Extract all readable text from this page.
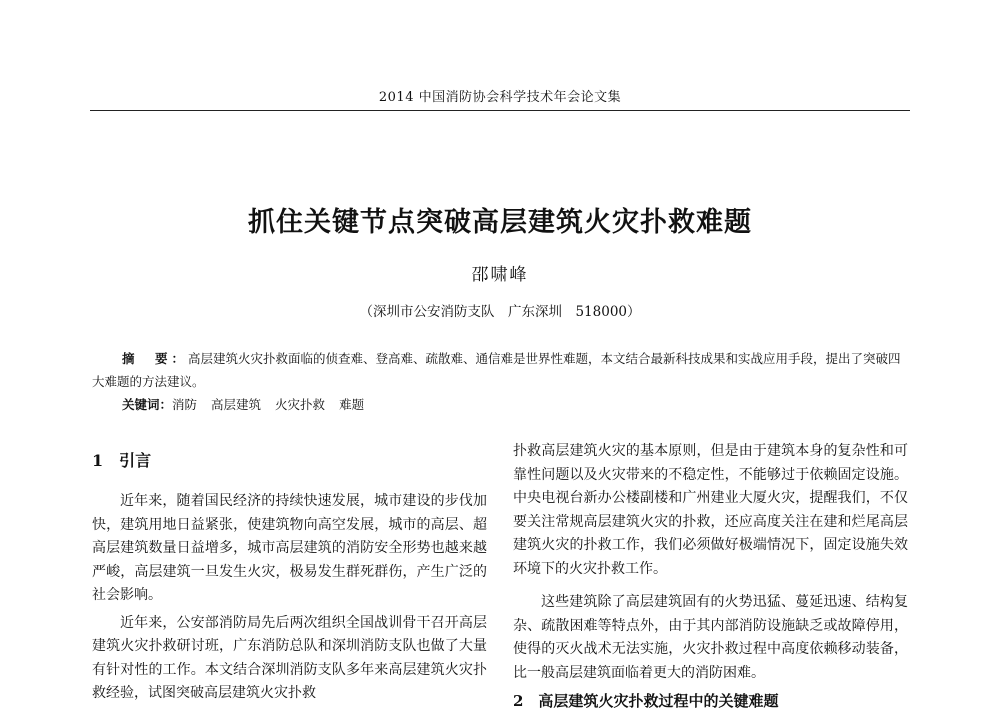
2014 中国消防协会科学技术年会论文集
抓住关键节点突破高层建筑火灾扑救难题
邵啸峰
（深圳市公安消防支队　广东深圳　518000）
摘　要：高层建筑火灾扑救面临的侦查难、登高难、疏散难、通信难是世界性难题，本文结合最新科技成果和实战应用手段，提出了突破四大难题的方法建议。
关键词：消防 高层建筑 火灾扑救 难题
1 引言

近年来，随着国民经济的持续快速发展，城市建设的步伐加快，建筑用地日益紧张，使建筑物向高空发展，城市的高层、超高层建筑数量日益增多，城市高层建筑的消防安全形势也越来越严峻，高层建筑一旦发生火灾，极易发生群死群伤，产生广泛的社会影响。

近年来，公安部消防局先后两次组织全国战训骨干召开高层建筑火灾扑救研讨班，广东消防总队和深圳消防支队也做了大量有针对性的工作。本文结合深圳消防支队多年来高层建筑火灾扑救经验，试图突破高层建筑火灾扑救

扑救高层建筑火灾的基本原则，但是由于建筑本身的复杂性和可靠性问题以及火灾带来的不稳定性，不能够过于依赖固定设施。中央电视台新办公楼副楼和广州建业大厦火灾，提醒我们，不仅要关注常规高层建筑火灾的扑救，还应高度关注在建和烂尾高层建筑火灾的扑救工作，我们必须做好极端情况下，固定设施失效环境下的火灾扑救工作。

这些建筑除了高层建筑固有的火势迅猛、蔓延迅速、结构复杂、疏散困难等特点外，由于其内部消防设施缺乏或故障停用，使得的灭火战术无法实施，火灾扑救过程中高度依赖移动装备，比一般高层建筑面临着更大的消防困难。

2　高层建筑火灾扑救过程中的关键难题
